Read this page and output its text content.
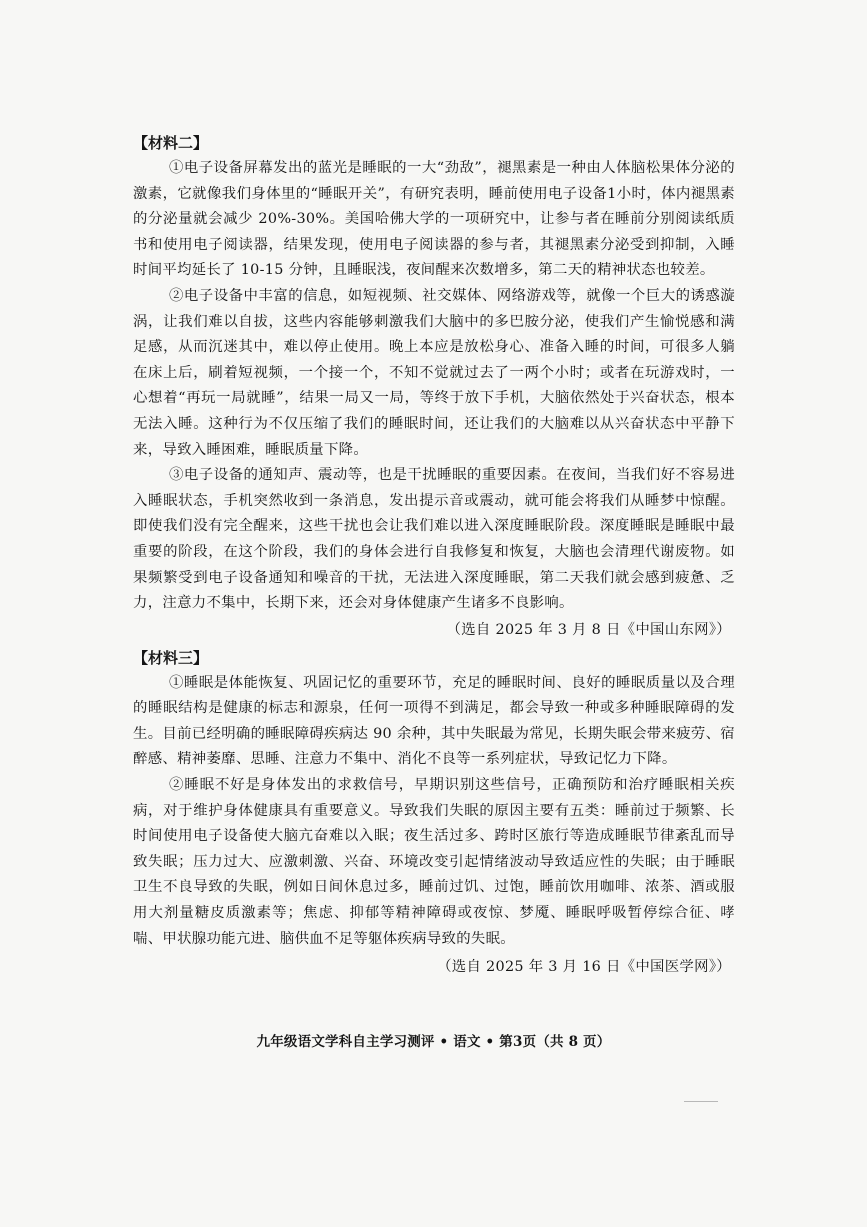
【材料二】

①电子设备屏幕发出的蓝光是睡眠的一大“劲敌”，褪黑素是一种由人体脑松果体分泌的激素，它就像我们身体里的“睡眠开关”，有研究表明，睡前使用电子设备1小时，体内褪黑素的分泌量就会减少 20%-30%。美国哈佛大学的一项研究中，让参与者在睡前分别阅读纸质书和使用电子阅读器，结果发现，使用电子阅读器的参与者，其褪黑素分泌受到抑制，入睡时间平均延长了 10-15 分钟，且睡眠浅，夜间醒来次数增多，第二天的精神状态也较差。

②电子设备中丰富的信息，如短视频、社交媒体、网络游戏等，就像一个巨大的诱惑漩涡，让我们难以自拔，这些内容能够刺激我们大脑中的多巴胺分泌，使我们产生愉悦感和满足感，从而沉迷其中，难以停止使用。晚上本应是放松身心、准备入睡的时间，可很多人躺在床上后，刷着短视频，一个接一个，不知不觉就过去了一两个小时；或者在玩游戏时，一心想着“再玩一局就睡”，结果一局又一局，等终于放下手机，大脑依然处于兴奋状态，根本无法入睡。这种行为不仅压缩了我们的睡眠时间，还让我们的大脑难以从兴奋状态中平静下来，导致入睡困难，睡眠质量下降。

③电子设备的通知声、震动等，也是干扰睡眠的重要因素。在夜间，当我们好不容易进入睡眠状态，手机突然收到一条消息，发出提示音或震动，就可能会将我们从睡梦中惊醒。即使我们没有完全醒来，这些干扰也会让我们难以进入深度睡眠阶段。深度睡眠是睡眠中最重要的阶段，在这个阶段，我们的身体会进行自我修复和恢复，大脑也会清理代谢废物。如果频繁受到电子设备通知和噪音的干扰，无法进入深度睡眠，第二天我们就会感到疲惫、乏力，注意力不集中，长期下来，还会对身体健康产生诸多不良影响。

（选自 2025 年 3 月 8 日《中国山东网》）

【材料三】

①睡眠是体能恢复、巩固记忆的重要环节，充足的睡眠时间、良好的睡眠质量以及合理的睡眠结构是健康的标志和源泉，任何一项得不到满足，都会导致一种或多种睡眠障碍的发生。目前已经明确的睡眠障碍疾病达 90 余种，其中失眠最为常见，长期失眠会带来疲劳、宿醉感、精神萎靡、思睡、注意力不集中、消化不良等一系列症状，导致记忆力下降。

②睡眠不好是身体发出的求救信号，早期识别这些信号，正确预防和治疗睡眠相关疾病，对于维护身体健康具有重要意义。导致我们失眠的原因主要有五类：睡前过于频繁、长时间使用电子设备使大脑亢奋难以入眠；夜生活过多、跨时区旅行等造成睡眠节律紊乱而导致失眠；压力过大、应激刺激、兴奋、环境改变引起情绪波动导致适应性的失眠；由于睡眠卫生不良导致的失眠，例如日间休息过多，睡前过饥、过饱，睡前饮用咖啡、浓茶、酒或服用大剂量糖皮质激素等；焦虑、抑郁等精神障碍或夜惊、梦魇、睡眠呼吸暂停综合征、哮喘、甲状腺功能亢进、脑供血不足等躯体疾病导致的失眠。

（选自 2025 年 3 月 16 日《中国医学网》）

九年级语文学科自主学习测评 • 语文 • 第3页（共 8 页）
